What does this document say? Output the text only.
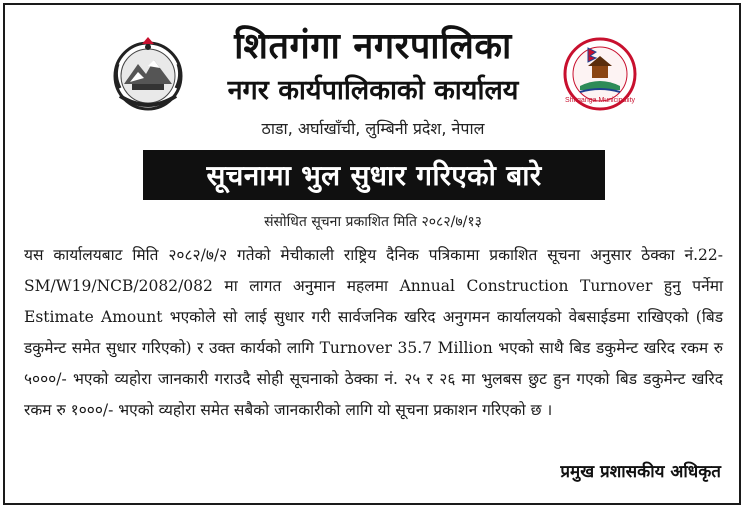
Shitganga Municipality
शितगंगा नगरपालिका
नगर कार्यपालिकाको कार्यालय
ठाडा, अर्घाखाँची, लुम्बिनी प्रदेश, नेपाल
सूचनामा भुल सुधार गरिएको बारे
संसोधित सूचना प्रकाशित मिति २०८२/७/१३
यस कार्यालयबाट मिति २०८२/७/२ गतेको मेचीकाली राष्ट्रिय दैनिक पत्रिकामा प्रकाशित सूचना अनुसार ठेक्का नं.22-SM/W19/NCB/2082/082 मा लागत अनुमान महलमा Annual Construction Turnover हुनु पर्नेमा Estimate Amount भएकोले सो लाई सुधार गरी सार्वजनिक खरिद अनुगमन कार्यालयको वेबसाईडमा राखिएको (बिड डकुमेन्ट समेत सुधार गरिएको) र उक्त कार्यको लागि Turnover 35.7 Million भएको साथै बिड डकुमेन्ट खरिद रकम रु ५०००/- भएको व्यहोरा जानकारी गराउदै सोही सूचनाको ठेक्का नं. २५ र २६ मा भुलबस छुट हुन गएको बिड डकुमेन्ट खरिद रकम रु १०००/- भएको व्यहोरा समेत सबैको जानकारीको लागि यो सूचना प्रकाशन गरिएको छ ।
प्रमुख प्रशासकीय अधिकृत
